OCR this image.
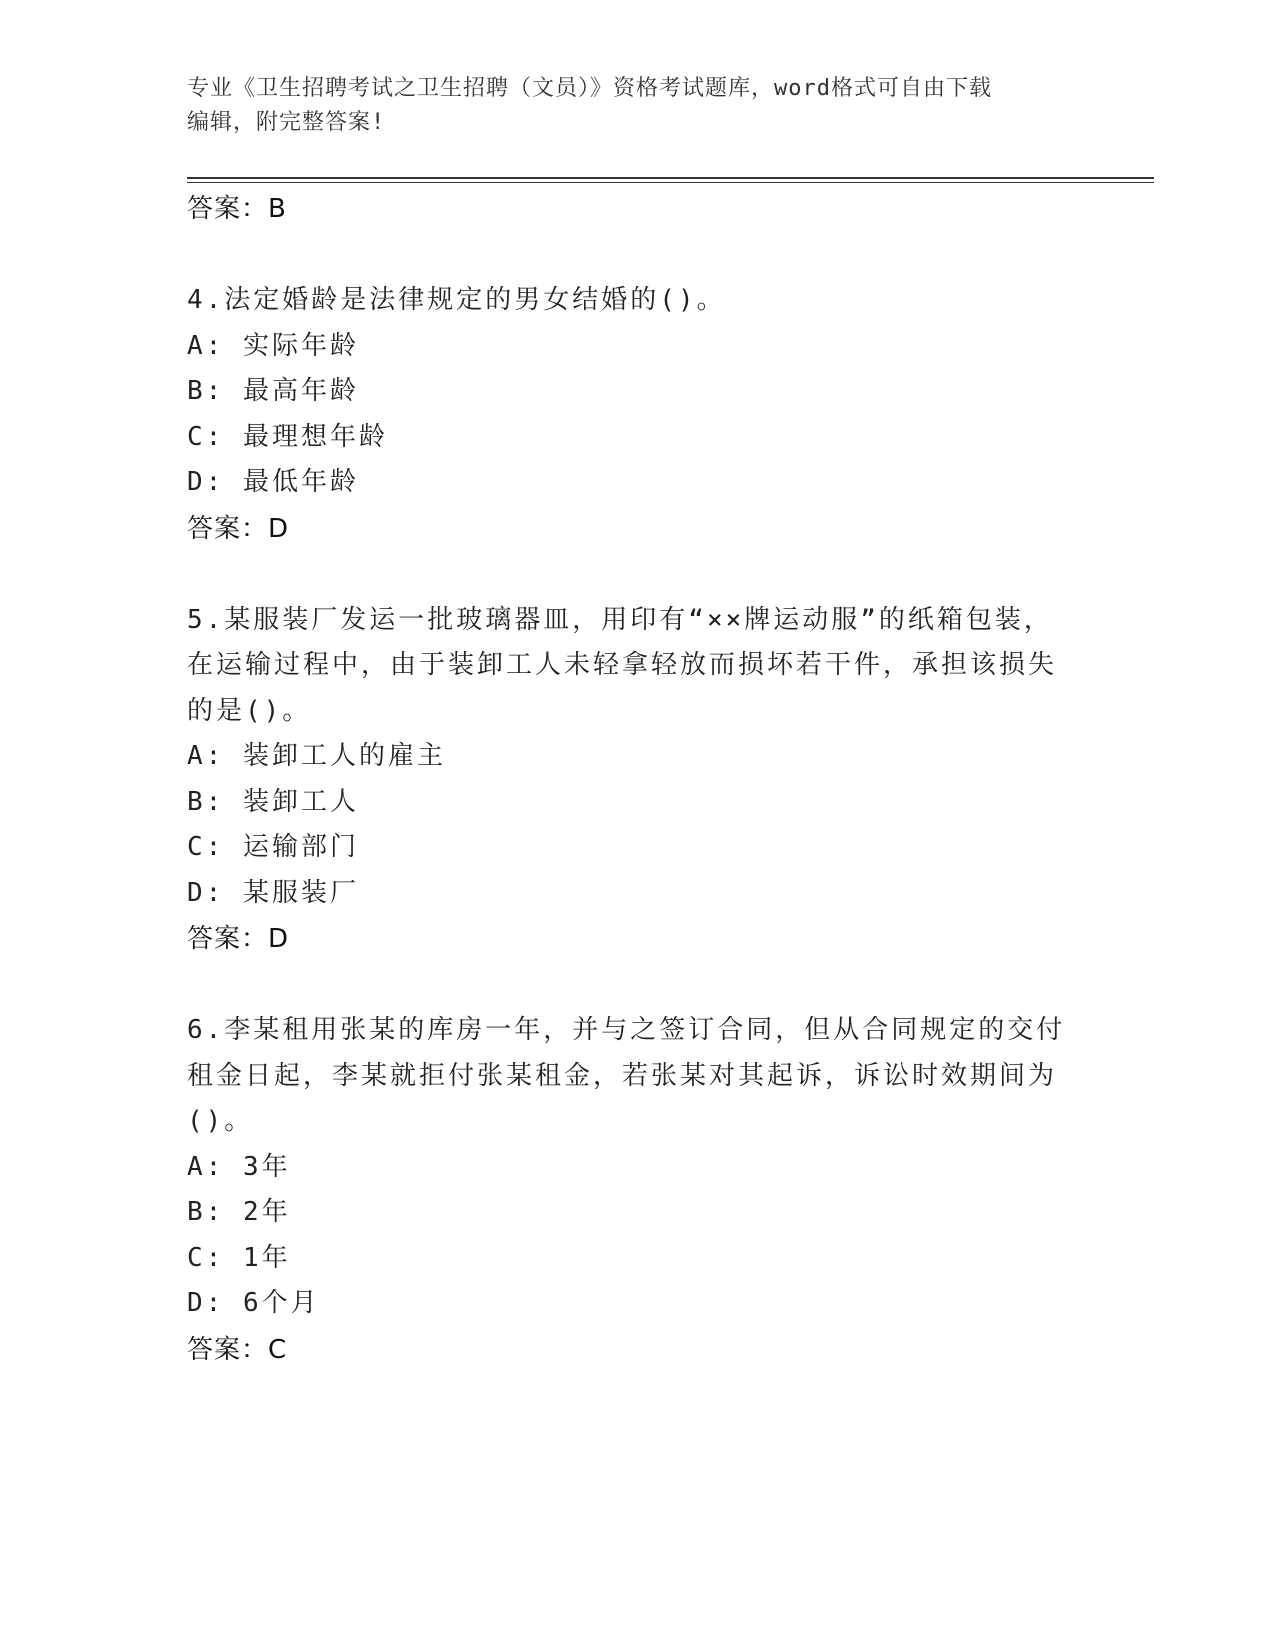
专业《卫生招聘考试之卫生招聘（文员）》资格考试题库，word格式可自由下载
编辑，附完整答案!
答案：B
4.法定婚龄是法律规定的男女结婚的()。
A: 实际年龄
B: 最高年龄
C: 最理想年龄
D: 最低年龄
答案：D
5.某服装厂发运一批玻璃器皿，用印有“××牌运动服”的纸箱包装，在运输过程中，由于装卸工人未轻拿轻放而损坏若干件，承担该损失的是()。
A: 装卸工人的雇主
B: 装卸工人
C: 运输部门
D: 某服装厂
答案：D
6.李某租用张某的库房一年，并与之签订合同，但从合同规定的交付租金日起，李某就拒付张某租金，若张某对其起诉，诉讼时效期间为()。
A: 3年
B: 2年
C: 1年
D: 6个月
答案：C
